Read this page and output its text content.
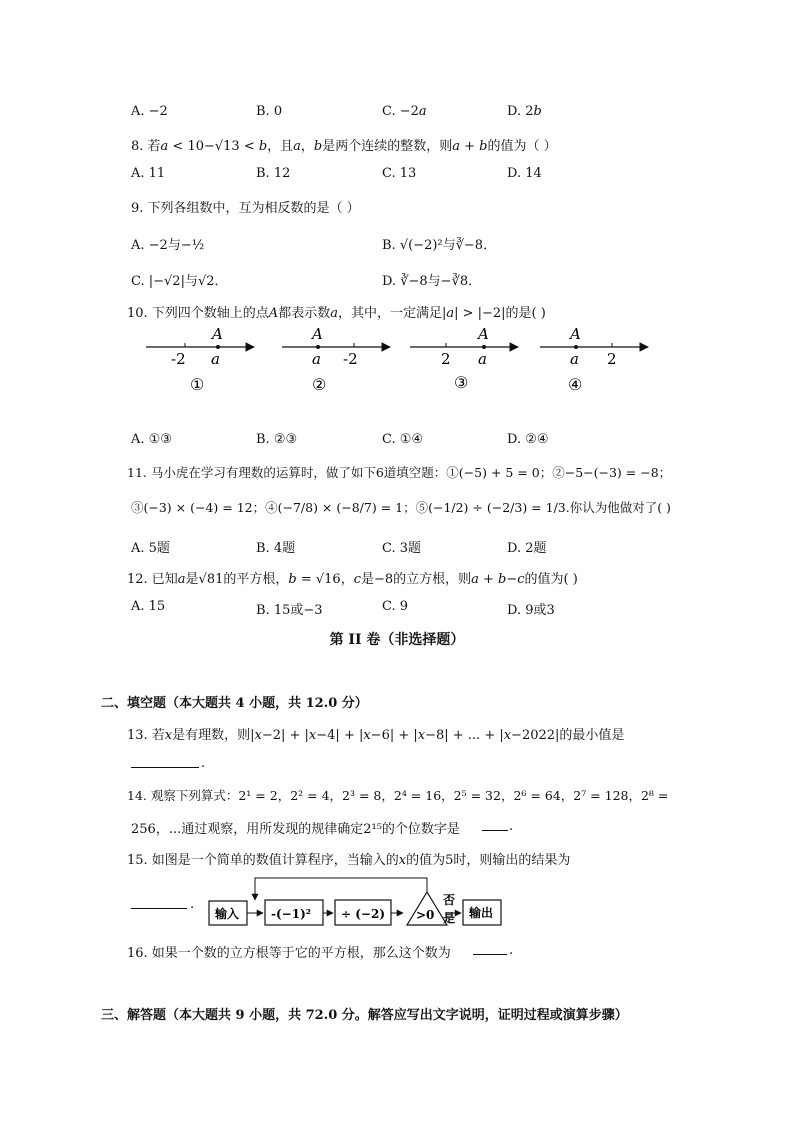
A. −2	B. 0	C. −2𝑎	D. 2𝑏
8. 若𝑎 < 10−√13 < 𝑏，且𝑎，𝑏是两个连续的整数，则𝑎 + 𝑏的值为（ ）
A. 11	B. 12	C. 13	D. 14
9. 下列各组数中，互为相反数的是（ ）
A. −2与−½	B. √(−2)²与∛−8．
C. |−√2|与√2．	D. ∛−8与−∛8．
10. 下列四个数轴上的点𝐴都表示数𝑎，其中，一定满足|𝑎| > |−2|的是( )
A
-2 a
①
A
a -2
②
A
2 a
③
A
a 2
④
A. ①③	B. ②③	C. ①④	D. ②④
11. 马小虎在学习有理数的运算时，做了如下6道填空题：①(−5) + 5 = 0；②−5−(−3) = −8；
③(−3) × (−4) = 12；④(−7/8) × (−8/7) = 1；⑤(−1/2) ÷ (−2/3) = 1/3.你认为他做对了( )
A. 5题	B. 4题	C. 3题	D. 2题
12. 已知𝑎是√81的平方根，𝑏 = √16，𝑐是−8的立方根，则𝑎 + 𝑏−𝑐的值为( )
A. 15	B. 15或−3	C. 9	D. 9或3
第 II 卷（非选择题）
二、填空题（本大题共 4 小题，共 12.0 分）
13. 若𝑥是有理数，则|𝑥−2| + |𝑥−4| + |𝑥−6| + |𝑥−8| + ... + |𝑥−2022|的最小值是
.
14. 观察下列算式：2¹ = 2，2² = 4，2³ = 8，2⁴ = 16，2⁵ = 32，2⁶ = 64，2⁷ = 128，2⁸ =
256，...通过观察，用所发现的规律确定2¹⁵的个位数字是	.
15. 如图是一个简单的数值计算程序，当输入的𝑥的值为5时，则输出的结果为
.
输入	-(−1)²	÷ (−2)	>0
否
是 输出
16. 如果一个数的立方根等于它的平方根，那么这个数为	.
三、解答题（本大题共 9 小题，共 72.0 分。解答应写出文字说明，证明过程或演算步骤）
